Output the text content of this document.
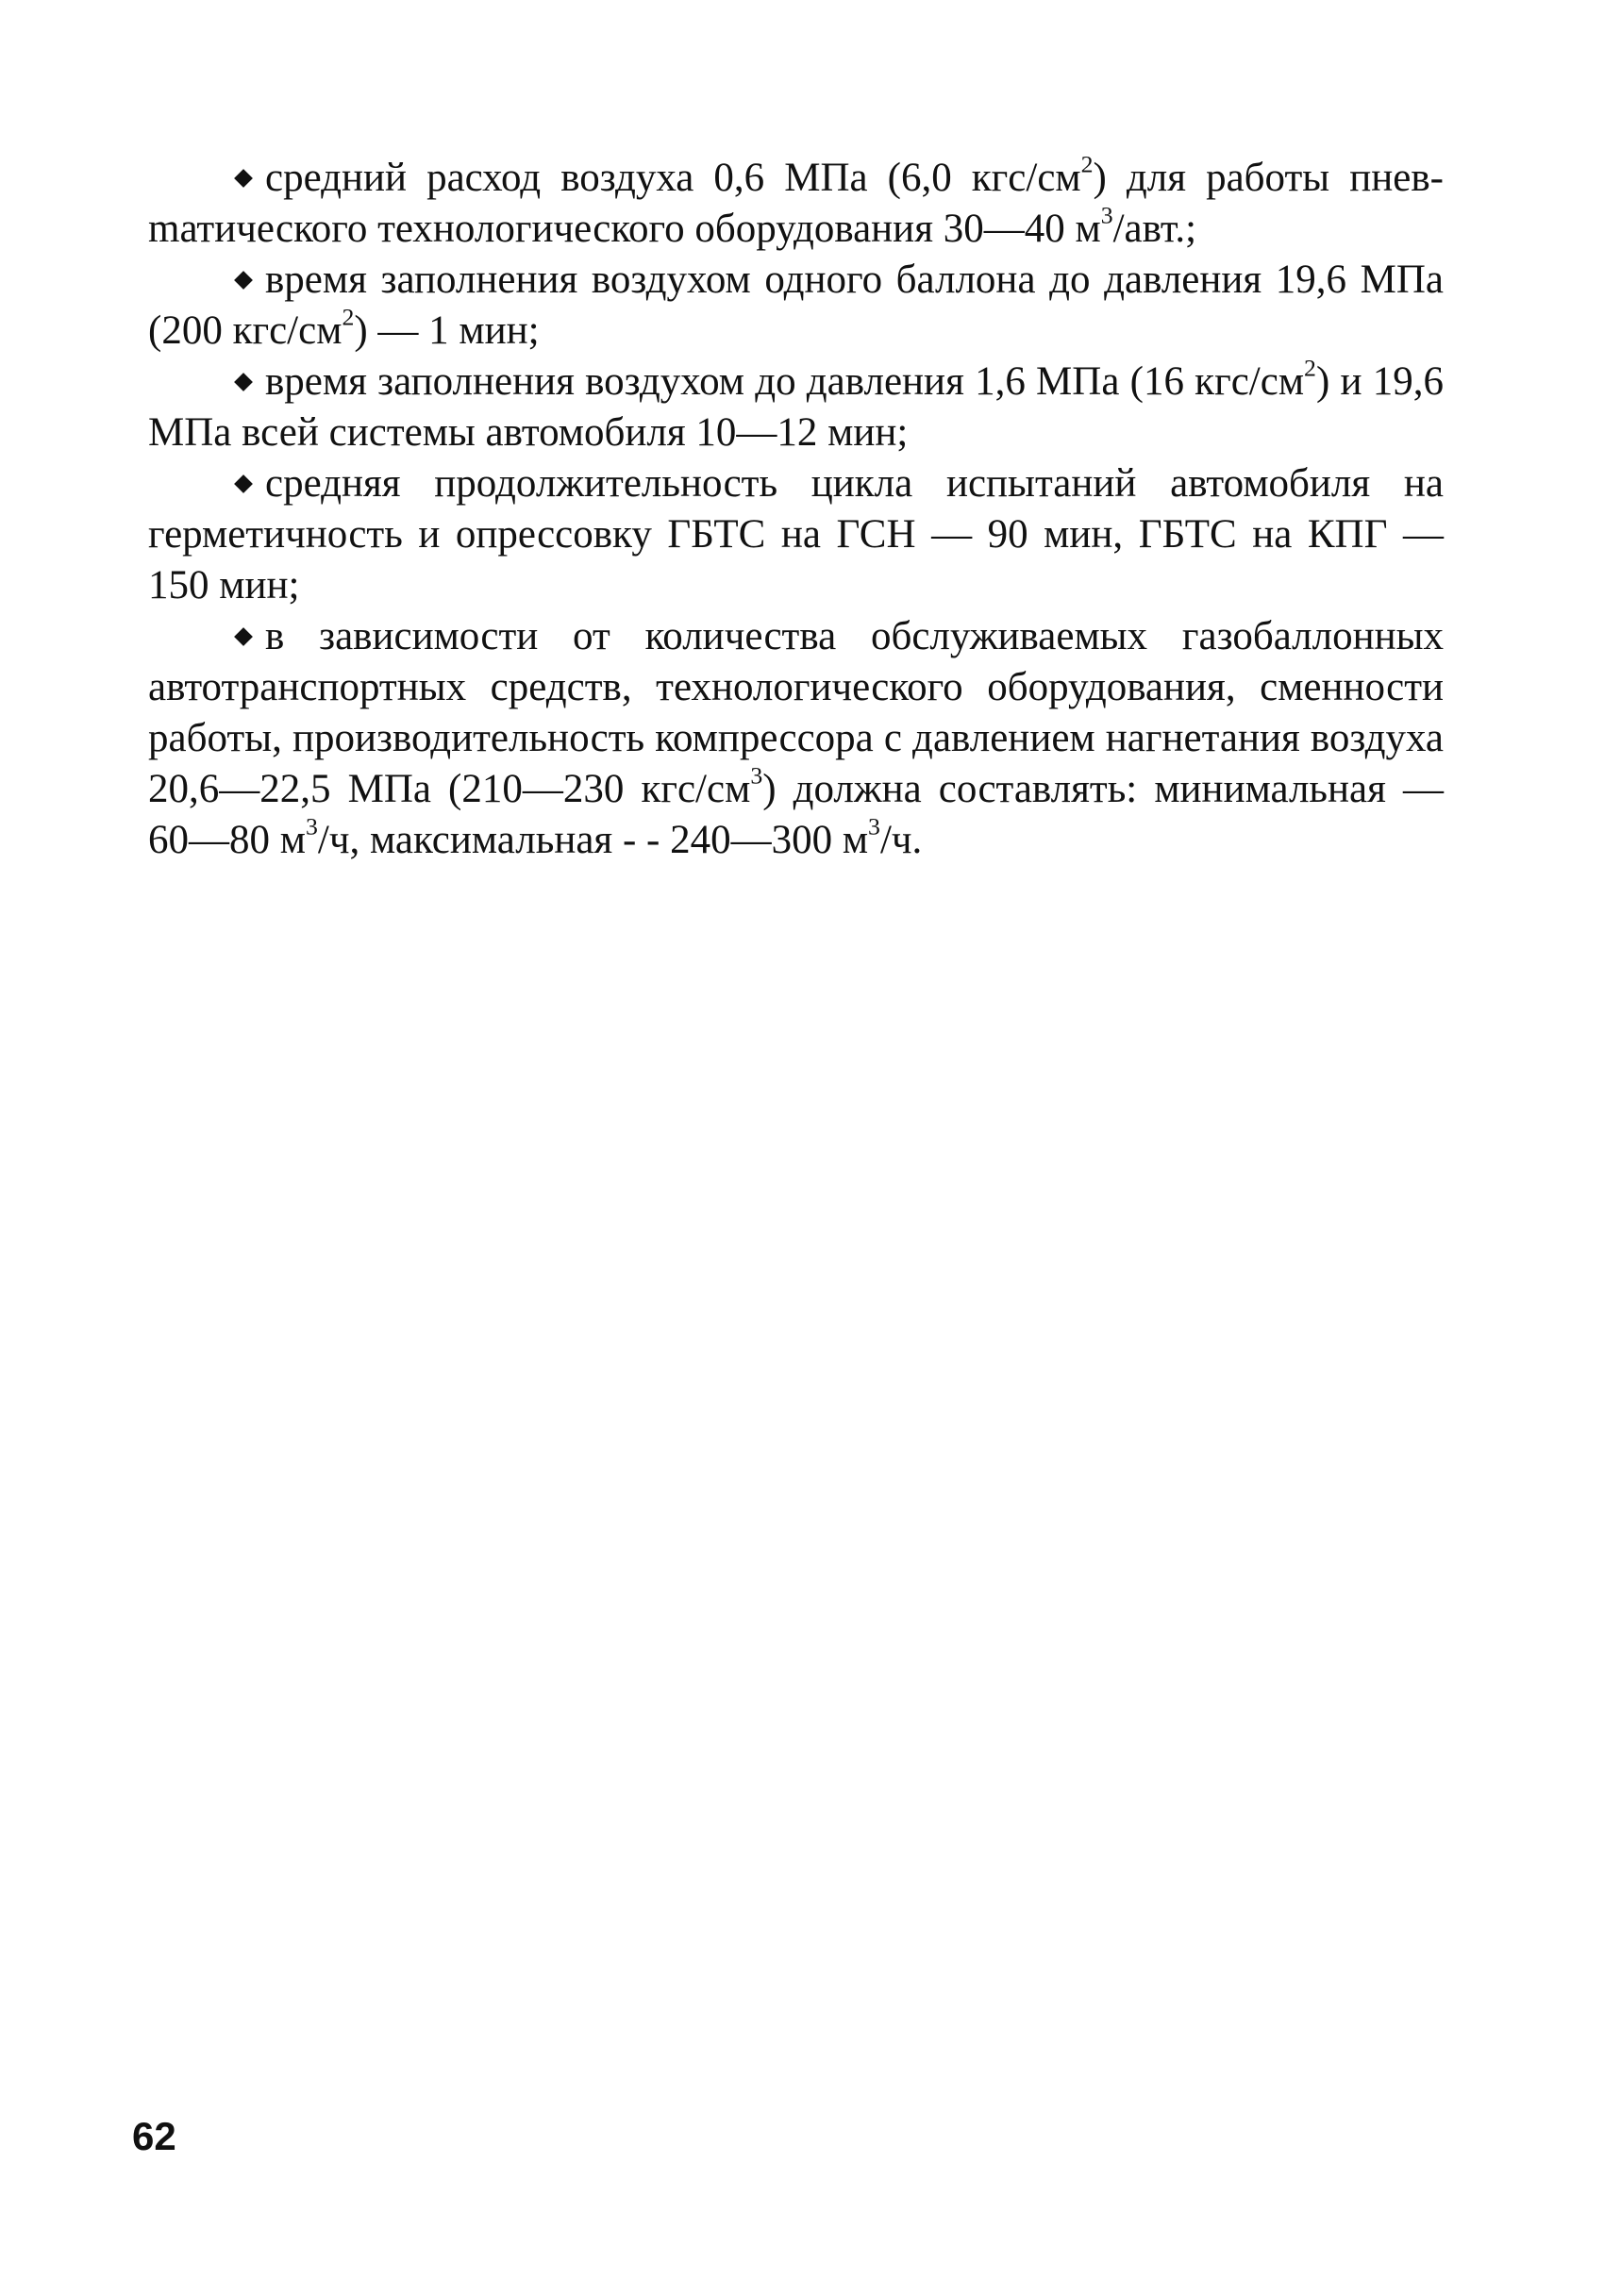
средний расход воздуха 0,6 МПа (6,0 кгс/$см^2$) для работы пневmатического технологического оборудования 30—40 $м^3$/авт.;

время заполнения воздухом одного баллона до давления 19,6 МПа (200 кгс/$см^2$) — 1 мин;

время заполнения воздухом до давления 1,6 МПа (16 кгс/$см^2$) и 19,6 МПа всей системы автомобиля 10—12 мин;

средняя продолжительность цикла испытаний автомобиля на герметичность и опрессовку ГБТС на ГСН — 90 мин, ГБТС на КПГ — 150 мин;

в зависимости от количества обслуживаемых газобаллонных автотранспортных средств, технологического оборудования, сменности работы, производительность компрессора с давлением нагнетания воздуха 20,6—22,5 МПа (210—230 кгс/$см^3$) должна составлять: минимальная — 60—80 $м^3/ч$, максимальная - - 240—300 $м^3/ч$.

62
